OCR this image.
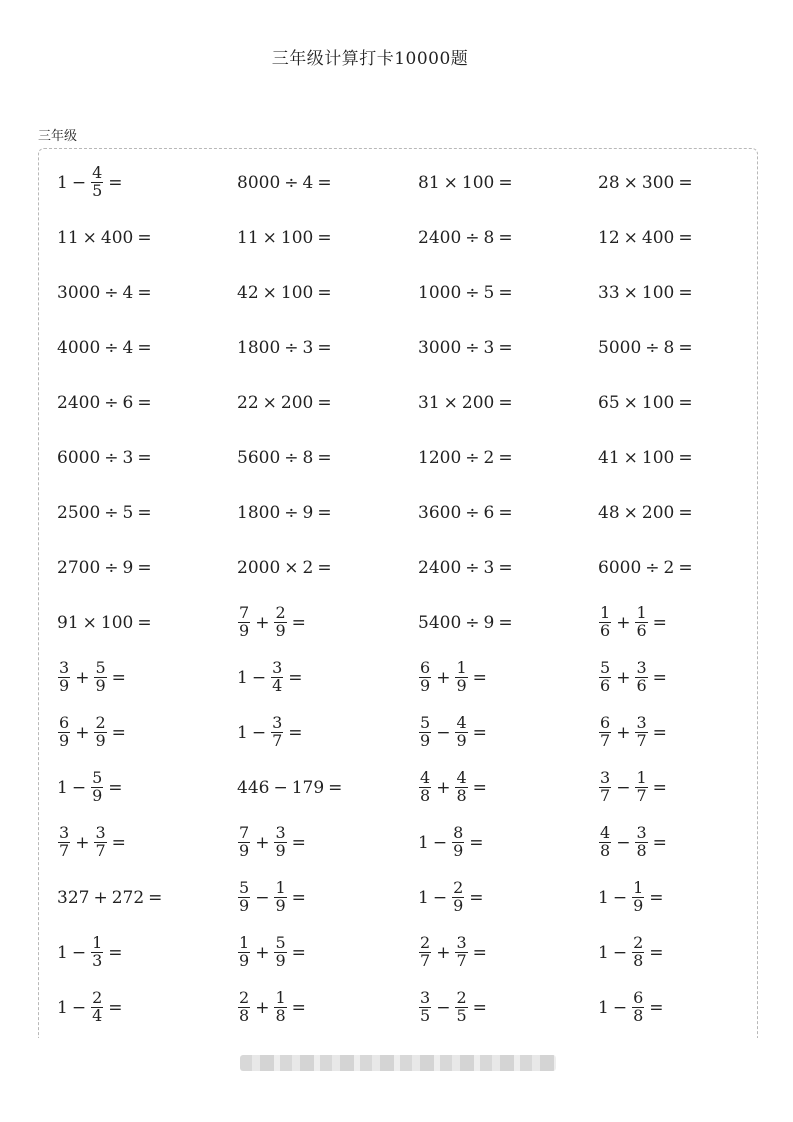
三年级计算打卡10000题
三年级
$1 - \frac{4}{5}$ =	8000 ÷ 4 =	81 × 100 =	28 × 300 =
11 × 400 =	11 × 100 =	2400 ÷ 8 =	12 × 400 =
3000 ÷ 4 =	42 × 100 =	1000 ÷ 5 =	33 × 100 =
4000 ÷ 4 =	1800 ÷ 3 =	3000 ÷ 3 =	5000 ÷ 8 =
2400 ÷ 6 =	22 × 200 =	31 × 200 =	65 × 100 =
6000 ÷ 3 =	5600 ÷ 8 =	1200 ÷ 2 =	41 × 100 =
2500 ÷ 5 =	1800 ÷ 9 =	3600 ÷ 6 =	48 × 200 =
2700 ÷ 9 =	2000 × 2 =	2400 ÷ 3 =	6000 ÷ 2 =
91 × 100 =	$\frac{7}{9} + \frac{2}{9}$ =	5400 ÷ 9 =	$\frac{1}{6} + \frac{1}{6}$ =
$\frac{3}{9} + \frac{5}{9}$ =	$1 - \frac{3}{4}$ =	$\frac{6}{9} + \frac{1}{9}$ =	$\frac{5}{6} + \frac{3}{6}$ =
$\frac{6}{9} + \frac{2}{9}$ =	$1 - \frac{3}{7}$ =	$\frac{5}{9} - \frac{4}{9}$ =	$\frac{6}{7} + \frac{3}{7}$ =
$1 - \frac{5}{9}$ =	446 − 179 =	$\frac{4}{8} + \frac{4}{8}$ =	$\frac{3}{7} - \frac{1}{7}$ =
$\frac{3}{7} + \frac{3}{7}$ =	$\frac{7}{9} + \frac{3}{9}$ =	$1 - \frac{8}{9}$ =	$\frac{4}{8} - \frac{3}{8}$ =
327 + 272 =	$\frac{5}{9} - \frac{1}{9}$ =	$1 - \frac{2}{9}$ =	$1 - \frac{1}{9}$ =
$1 - \frac{1}{3}$ =	$\frac{1}{9} + \frac{5}{9}$ =	$\frac{2}{7} + \frac{3}{7}$ =	$1 - \frac{2}{8}$ =
$1 - \frac{2}{4}$ =	$\frac{2}{8} + \frac{1}{8}$ =	$\frac{3}{5} - \frac{2}{5}$ =	$1 - \frac{6}{8}$ =
